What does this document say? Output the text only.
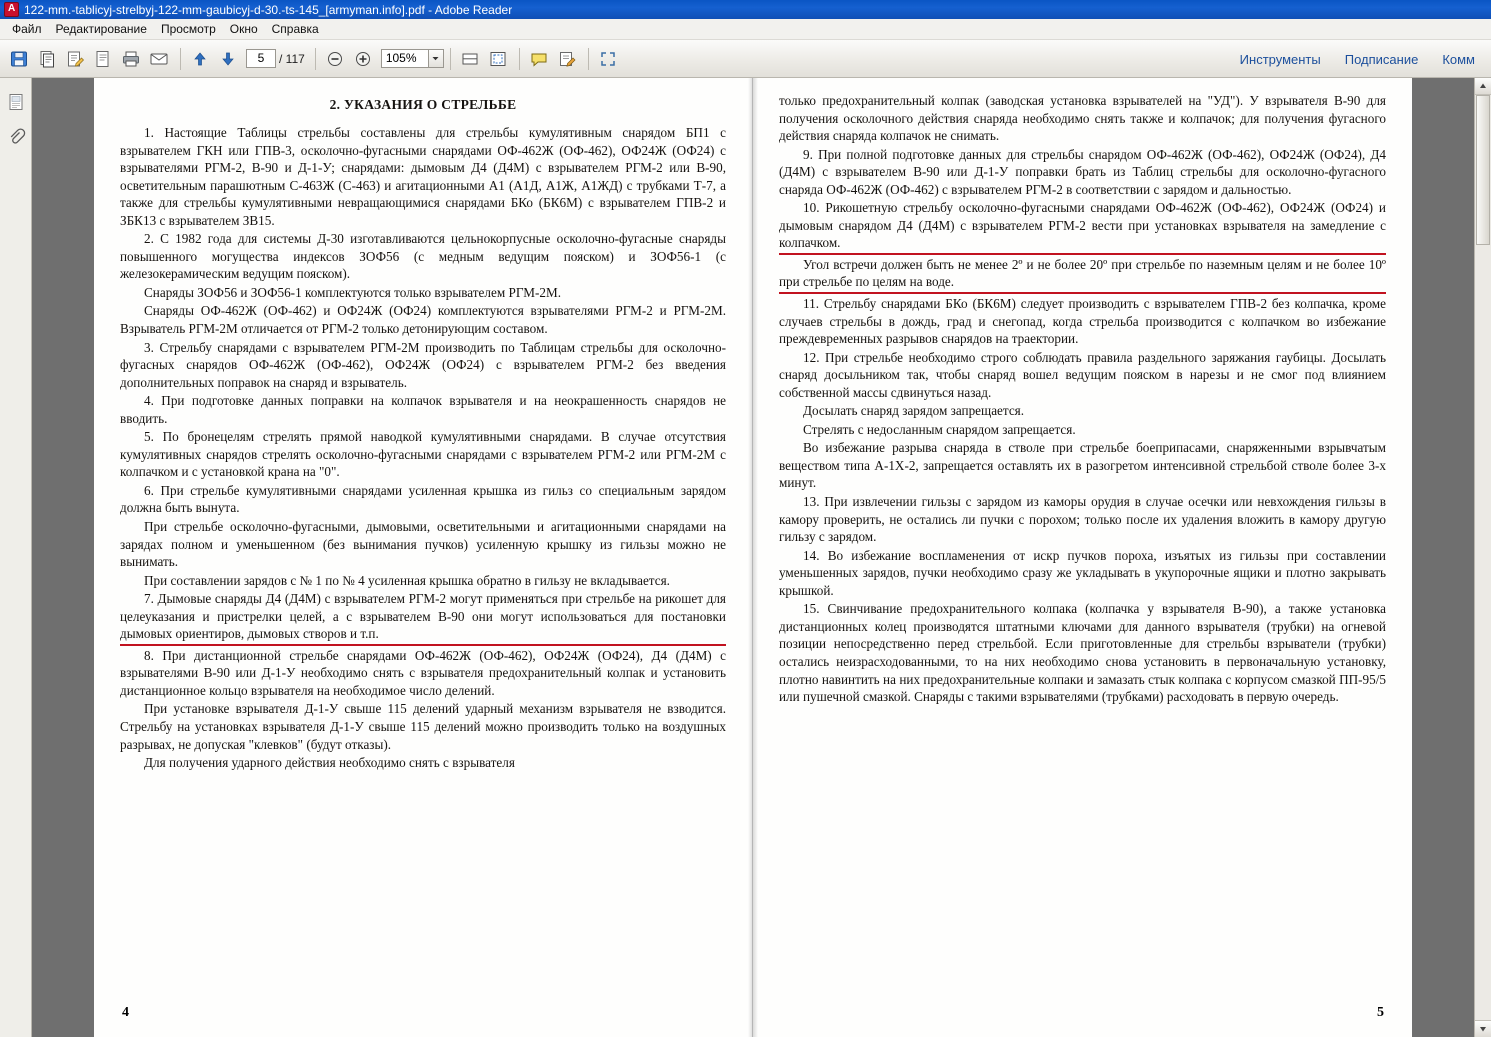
A
122-mm.-tablicyj-strelbyj-122-mm-gaubicyj-d-30.-ts-145_[armyman.info].pdf - Adobe Reader
Файл	Редактирование	Просмотр	Окно	Справка
5	/ 117	105%	Инструменты	Подписание	Комм
2. УКАЗАНИЯ О СТРЕЛЬБЕ

1. Настоящие Таблицы стрельбы составлены для стрельбы кумулятивным снарядом БП1 с взрывателем ГКН или ГПВ-3, осколочно-фугасными снарядами ОФ-462Ж (ОФ-462), ОФ24Ж (ОФ24) с взрывателями РГМ-2, В-90 и Д-1-У; снарядами: дымовым Д4 (Д4М) с взрывателем РГМ-2 или В-90, осветительным парашютным С-463Ж (С-463) и агитационными А1 (А1Д, А1Ж, А1ЖД) с трубками Т-7, а также для стрельбы кумулятивными невращающимися снарядами БКо (БК6М) с взрывателем ГПВ-2 и ЗБК13 с взрывателем ЗВ15.

2. С 1982 года для системы Д-30 изготавливаются цельнокорпусные осколочно-фугасные снаряды повышенного могущества индексов ЗОФ56 (с медным ведущим пояском) и ЗОФ56-1 (с железокерамическим ведущим пояском).

Снаряды ЗОФ56 и ЗОФ56-1 комплектуются только взрывателем РГМ-2М.

Снаряды ОФ-462Ж (ОФ-462) и ОФ24Ж (ОФ24) комплектуются взрывателями РГМ-2 и РГМ-2М. Взрыватель РГМ-2М отличается от РГМ-2 только детонирующим составом.

3. Стрельбу снарядами с взрывателем РГМ-2М производить по Таблицам стрельбы для осколочно-фугасных снарядов ОФ-462Ж (ОФ-462), ОФ24Ж (ОФ24) с взрывателем РГМ-2 без введения дополнительных поправок на снаряд и взрыватель.

4. При подготовке данных поправки на колпачок взрывателя и на неокрашенность снарядов не вводить.

5. По бронецелям стрелять прямой наводкой кумулятивными снарядами. В случае отсутствия кумулятивных снарядов стрелять осколочно-фугасными снарядами с взрывателем РГМ-2 или РГМ-2М с колпачком и с установкой крана на "0".

6. При стрельбе кумулятивными снарядами усиленная крышка из гильз со специальным зарядом должна быть вынута.

При стрельбе осколочно-фугасными, дымовыми, осветительными и агитационными снарядами на зарядах полном и уменьшенном (без вынимания пучков) усиленную крышку из гильзы можно не вынимать.

При составлении зарядов с № 1 по № 4 усиленная крышка обратно в гильзу не вкладывается.

7. Дымовые снаряды Д4 (Д4М) с взрывателем РГМ-2 могут применяться при стрельбе на рикошет для целеуказания и пристрелки целей, а с взрывателем В-90 они могут использоваться для постановки дымовых ориентиров, дымовых створов и т.п.

8. При дистанционной стрельбе снарядами ОФ-462Ж (ОФ-462), ОФ24Ж (ОФ24), Д4 (Д4М) с взрывателями В-90 или Д-1-У необходимо снять с взрывателя предохранительный колпак и установить дистанционное кольцо взрывателя на необходимое число делений.

При установке взрывателя Д-1-У свыше 115 делений ударный механизм взрывателя не взводится. Стрельбу на установках взрывателя Д-1-У свыше 115 делений можно производить только на воздушных разрывах, не допуская "клевков" (будут отказы).

Для получения ударного действия необходимо снять с взрывателя

4

только предохранительный колпак (заводская установка взрывателей на "УД"). У взрывателя В-90 для получения осколочного действия снаряда необходимо снять также и колпачок; для получения фугасного действия снаряда колпачок не снимать.

9. При полной подготовке данных для стрельбы снарядом ОФ-462Ж (ОФ-462), ОФ24Ж (ОФ24), Д4 (Д4М) с взрывателем В-90 или Д-1-У поправки брать из Таблиц стрельбы для осколочно-фугасного снаряда ОФ-462Ж (ОФ-462) с взрывателем РГМ-2 в соответствии с зарядом и дальностью.

10. Рикошетную стрельбу осколочно-фугасными снарядами ОФ-462Ж (ОФ-462), ОФ24Ж (ОФ24) и дымовым снарядом Д4 (Д4М) с взрывателем РГМ-2 вести при установках взрывателя на замедление с колпачком.

Угол встречи должен быть не менее 2º и не более 20º при стрельбе по наземным целям и не более 10º при стрельбе по целям на воде.

11. Стрельбу снарядами БКо (БК6М) следует производить с взрывателем ГПВ-2 без колпачка, кроме случаев стрельбы в дождь, град и снегопад, когда стрельба производится с колпачком во избежание преждевременных разрывов снарядов на траектории.

12. При стрельбе необходимо строго соблюдать правила раздельного заряжания гаубицы. Досылать снаряд досыльником так, чтобы снаряд вошел ведущим пояском в нарезы и не смог под влиянием собственной массы сдвинуться назад.

Досылать снаряд зарядом запрещается.

Стрелять с недосланным снарядом запрещается.

Во избежание разрыва снаряда в стволе при стрельбе боеприпасами, снаряженными взрывчатым веществом типа А-1Х-2, запрещается оставлять их в разогретом интенсивной стрельбой стволе более 3-х минут.

13. При извлечении гильзы с зарядом из каморы орудия в случае осечки или невхождения гильзы в камору проверить, не остались ли пучки с порохом; только после их удаления вложить в камору другую гильзу с зарядом.

14. Во избежание воспламенения от искр пучков пороха, изъятых из гильзы при составлении уменьшенных зарядов, пучки необходимо сразу же укладывать в укупорочные ящики и плотно закрывать крышкой.

15. Свинчивание предохранительного колпака (колпачка у взрывателя В-90), а также установка дистанционных колец производятся штатными ключами для данного взрывателя (трубки) на огневой позиции непосредственно перед стрельбой. Если приготовленные для стрельбы взрыватели (трубки) остались неизрасходованными, то на них необходимо снова установить в первоначальную установку, плотно навинтить на них предохранительные колпаки и замазать стык колпака с корпусом смазкой ПП-95/5 или пушечной смазкой. Снаряды с такими взрывателями (трубками) расходовать в первую очередь.

5
